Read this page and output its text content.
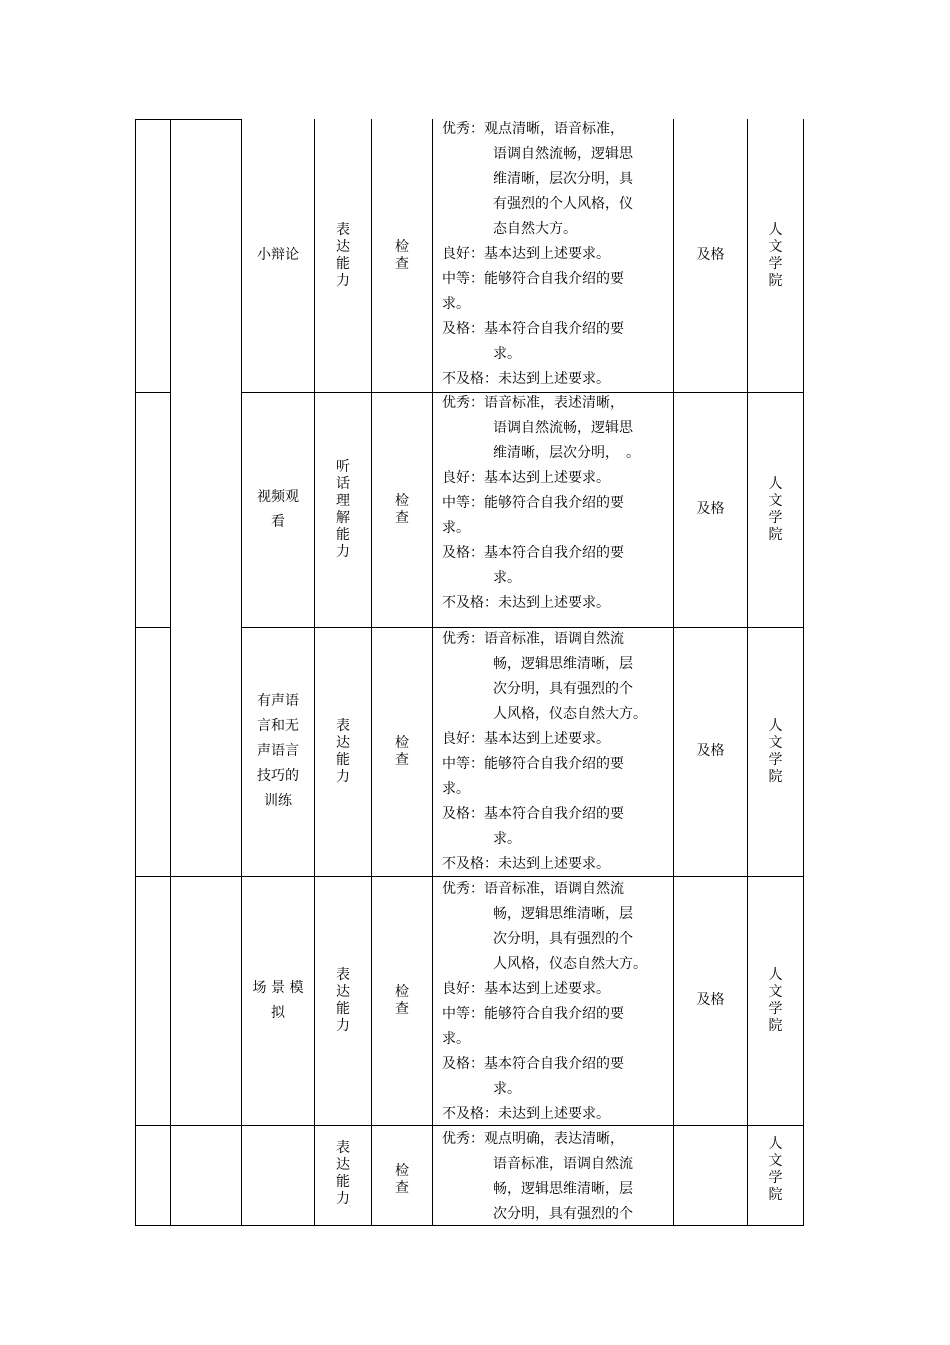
小辩论
表
达
能
力
检
查
优秀：观点清晰，语音标准，
语调自然流畅，逻辑思
维清晰，层次分明，具
有强烈的个人风格，仪
态自然大方。
良好：基本达到上述要求。
中等：能够符合自我介绍的要
求。
及格：基本符合自我介绍的要
求。
不及格：未达到上述要求。
及格
人
文
学
院
视频观
看
听
话
理
解
能
力
检
查
优秀：语音标准，表述清晰，
语调自然流畅，逻辑思
维清晰，层次分明，　。
良好：基本达到上述要求。
中等：能够符合自我介绍的要
求。
及格：基本符合自我介绍的要
求。
不及格：未达到上述要求。
及格
人
文
学
院
有声语
言和无
声语言
技巧的
训练
表
达
能
力
检
查
优秀：语音标准，语调自然流
畅，逻辑思维清晰，层
次分明，具有强烈的个
人风格，仪态自然大方。
良好：基本达到上述要求。
中等：能够符合自我介绍的要
求。
及格：基本符合自我介绍的要
求。
不及格：未达到上述要求。
及格
人
文
学
院
场 景 模
拟
表
达
能
力
检
查
优秀：语音标准，语调自然流
畅，逻辑思维清晰，层
次分明，具有强烈的个
人风格，仪态自然大方。
良好：基本达到上述要求。
中等：能够符合自我介绍的要
求。
及格：基本符合自我介绍的要
求。
不及格：未达到上述要求。
及格
人
文
学
院
表
达
能
力
检
查
优秀：观点明确，表达清晰，
语音标准，语调自然流
畅，逻辑思维清晰，层
次分明，具有强烈的个
人
文
学
院
